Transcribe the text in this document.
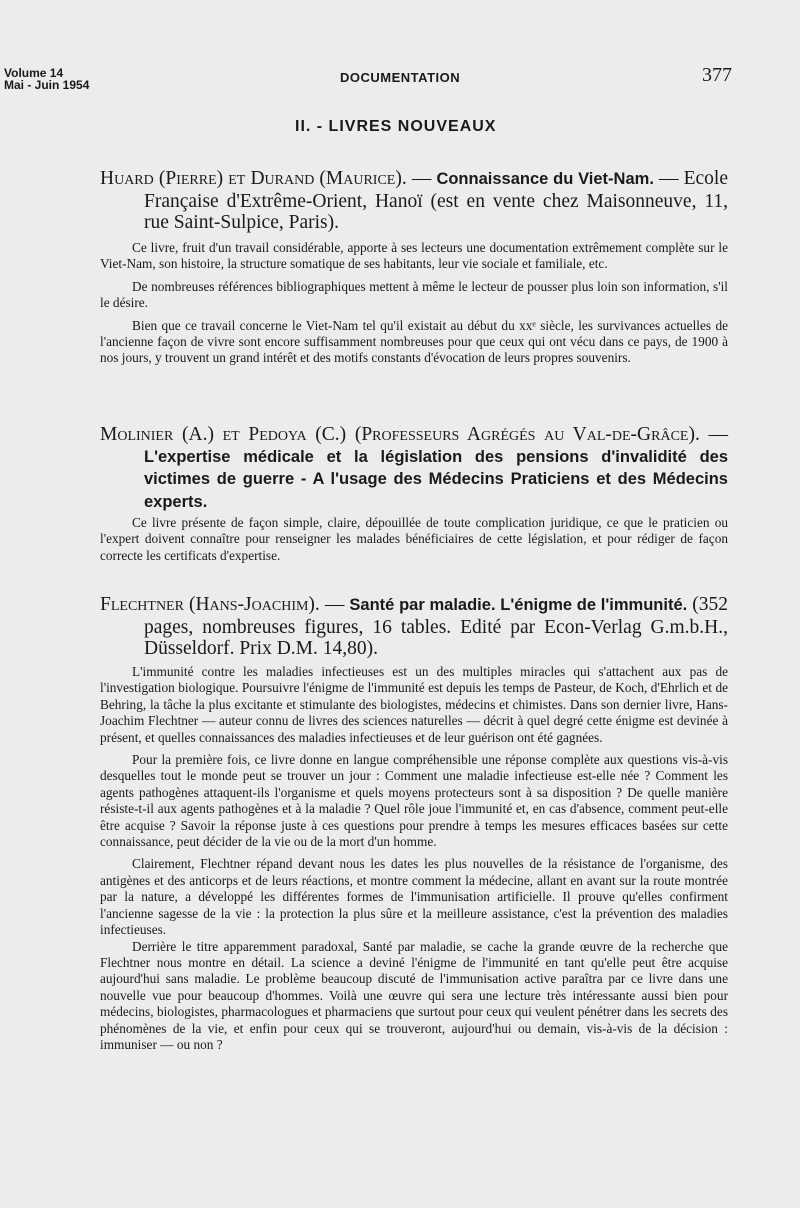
Volume 14
Mai - Juin 1954	DOCUMENTATION	377
II. - LIVRES NOUVEAUX
Huard (Pierre) et Durand (Maurice). — Connaissance du Viet-Nam. — Ecole Française d'Extrême-Orient, Hanoï (est en vente chez Maisonneuve, 11, rue Saint-Sulpice, Paris).

Ce livre, fruit d'un travail considérable, apporte à ses lecteurs une documentation extrêmement complète sur le Viet-Nam, son histoire, la structure somatique de ses habitants, leur vie sociale et familiale, etc.

De nombreuses références bibliographiques mettent à même le lecteur de pousser plus loin son information, s'il le désire.

Bien que ce travail concerne le Viet-Nam tel qu'il existait au début du xxᵉ siècle, les survivances actuelles de l'ancienne façon de vivre sont encore suffisamment nombreuses pour que ceux qui ont vécu dans ce pays, de 1900 à nos jours, y trouvent un grand intérêt et des motifs constants d'évocation de leurs propres souvenirs.

Molinier (A.) et Pedoya (C.) (Professeurs Agrégés au Val-de-Grâce). — L'expertise médicale et la législation des pensions d'invalidité des victimes de guerre - A l'usage des Médecins Praticiens et des Médecins experts.

Ce livre présente de façon simple, claire, dépouillée de toute complication juridique, ce que le praticien ou l'expert doivent connaître pour renseigner les malades bénéficiaires de cette législation, et pour rédiger de façon correcte les certificats d'expertise.

Flechtner (Hans-Joachim). — Santé par maladie. L'énigme de l'immunité. (352 pages, nombreuses figures, 16 tables. Edité par Econ-Verlag G.m.b.H., Düsseldorf. Prix D.M. 14,80).

L'immunité contre les maladies infectieuses est un des multiples miracles qui s'attachent aux pas de l'investigation biologique. Poursuivre l'énigme de l'immunité est depuis les temps de Pasteur, de Koch, d'Ehrlich et de Behring, la tâche la plus excitante et stimulante des biologistes, médecins et chimistes. Dans son dernier livre, Hans-Joachim Flechtner — auteur connu de livres des sciences naturelles — décrit à quel degré cette énigme est devinée à présent, et quelles connaissances des maladies infectieuses et de leur guérison ont été gagnées.

Pour la première fois, ce livre donne en langue compréhensible une réponse complète aux questions vis-à-vis desquelles tout le monde peut se trouver un jour : Comment une maladie infectieuse est-elle née ? Comment les agents pathogènes attaquent-ils l'organisme et quels moyens protecteurs sont à sa disposition ? De quelle manière résiste-t-il aux agents pathogènes et à la maladie ? Quel rôle joue l'immunité et, en cas d'absence, comment peut-elle être acquise ? Savoir la réponse juste à ces questions pour prendre à temps les mesures efficaces basées sur cette connaissance, peut décider de la vie ou de la mort d'un homme.

Clairement, Flechtner répand devant nous les dates les plus nouvelles de la résistance de l'organisme, des antigènes et des anticorps et de leurs réactions, et montre comment la médecine, allant en avant sur la route montrée par la nature, a développé les différentes formes de l'immunisation artificielle. Il prouve qu'elles confirment l'ancienne sagesse de la vie : la protection la plus sûre et la meilleure assistance, c'est la prévention des maladies infectieuses.

Derrière le titre apparemment paradoxal, Santé par maladie, se cache la grande œuvre de la recherche que Flechtner nous montre en détail. La science a deviné l'énigme de l'immunité en tant qu'elle peut être acquise aujourd'hui sans maladie. Le problème beaucoup discuté de l'immunisation active paraîtra par ce livre dans une nouvelle vue pour beaucoup d'hommes. Voilà une œuvre qui sera une lecture très intéressante aussi bien pour médecins, biologistes, pharmacologues et pharmaciens que surtout pour ceux qui veulent pénétrer dans les secrets des phénomènes de la vie, et enfin pour ceux qui se trouveront, aujourd'hui ou demain, vis-à-vis de la décision : immuniser — ou non ?
